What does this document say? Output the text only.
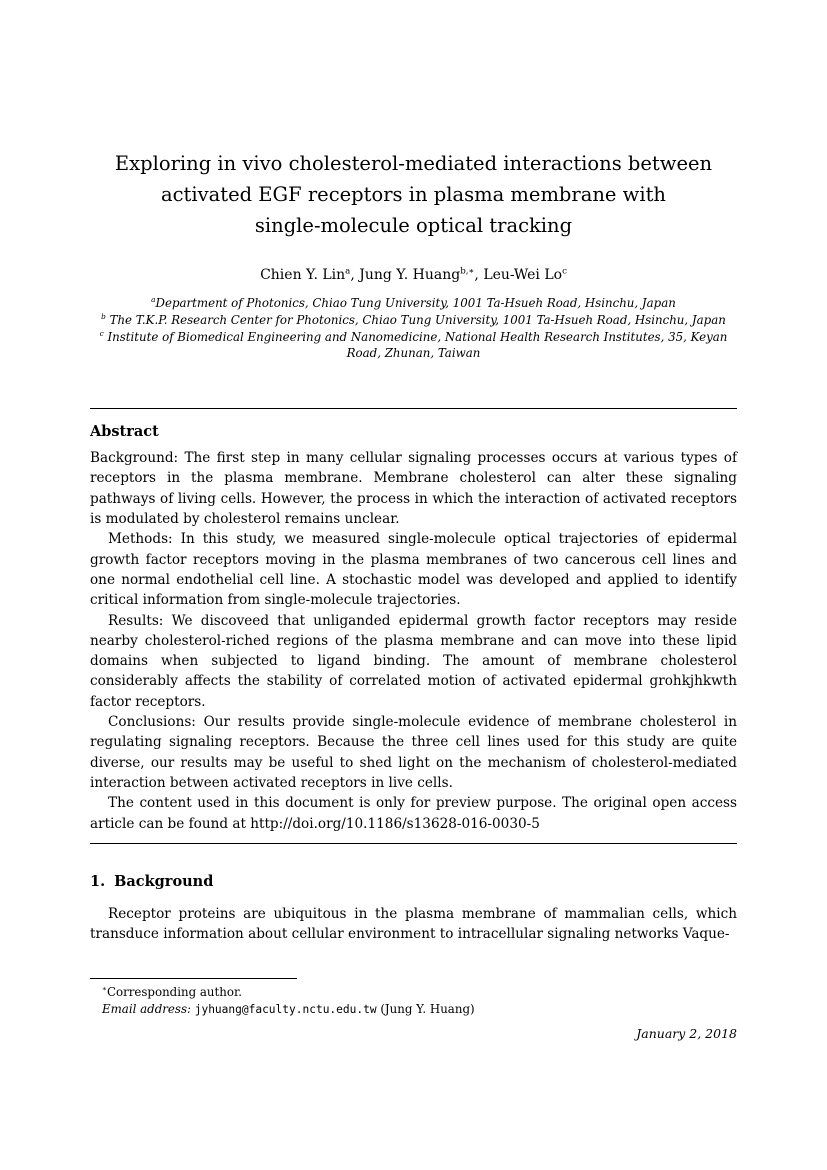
Exploring in vivo cholesterol-mediated interactions between
activated EGF receptors in plasma membrane with
single-molecule optical tracking
Chien Y. Lin$^a$, Jung Y. Huang$^{b,∗}$, Leu-Wei Lo$^c$
$^a$Department of Photonics, Chiao Tung University, 1001 Ta-Hsueh Road, Hsinchu, Japan
$^b$ The T.K.P. Research Center for Photonics, Chiao Tung University, 1001 Ta-Hsueh Road, Hsinchu, Japan
$^c$ Institute of Biomedical Engineering and Nanomedicine, National Health Research Institutes, 35, Keyan Road, Zhunan, Taiwan
Abstract

Background: The first step in many cellular signaling processes occurs at various types of receptors in the plasma membrane. Membrane cholesterol can alter these signaling pathways of living cells. However, the process in which the interaction of activated receptors is modulated by cholesterol remains unclear.

Methods: In this study, we measured single-molecule optical trajectories of epidermal growth factor receptors moving in the plasma membranes of two cancerous cell lines and one normal endothelial cell line. A stochastic model was developed and applied to identify critical information from single-molecule trajectories.

Results: We discoveed that unliganded epidermal growth factor receptors may reside nearby cholesterol-riched regions of the plasma membrane and can move into these lipid domains when subjected to ligand binding. The amount of membrane cholesterol considerably affects the stability of correlated motion of activated epidermal grohkjhkwth factor receptors.

Conclusions: Our results provide single-molecule evidence of membrane cholesterol in regulating signaling receptors. Because the three cell lines used for this study are quite diverse, our results may be useful to shed light on the mechanism of cholesterol-mediated interaction between activated receptors in live cells.

The content used in this document is only for preview purpose. The original open access article can be found at http://doi.org/10.1186/s13628-016-0030-5

1. Background

Receptor proteins are ubiquitous in the plasma membrane of mammalian cells, which transduce information about cellular environment to intracellular signaling networks Vaque-

∗Corresponding author.
Email address: jyhuang@faculty.nctu.edu.tw (Jung Y. Huang)
January 2, 2018
